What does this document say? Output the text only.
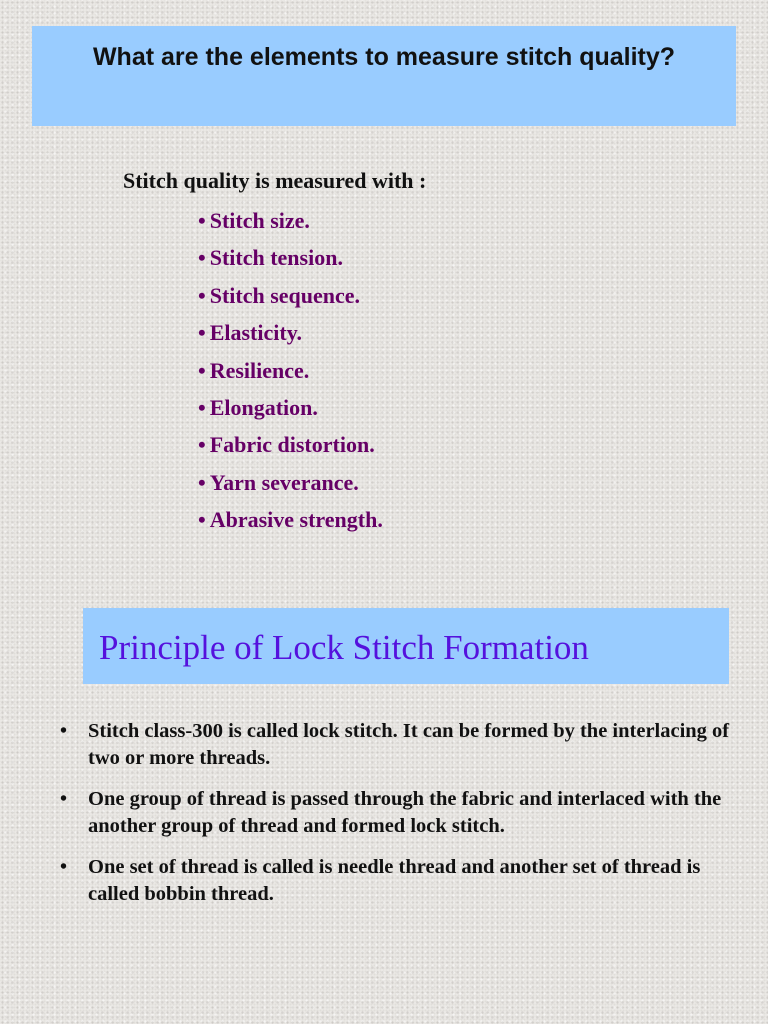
What are the elements to measure stitch quality?
Stitch quality is measured with :
• Stitch size.
• Stitch tension.
• Stitch sequence.
• Elasticity.
• Resilience.
• Elongation.
• Fabric distortion.
• Yarn severance.
• Abrasive strength.
Principle of Lock Stitch Formation
• Stitch class-300 is called lock stitch. It can be formed by the interlacing of two or more threads.
• One group of thread is passed through the fabric and interlaced with the another group of thread and formed lock stitch.
• One set of thread is called is needle thread and another set of thread is called bobbin thread.
